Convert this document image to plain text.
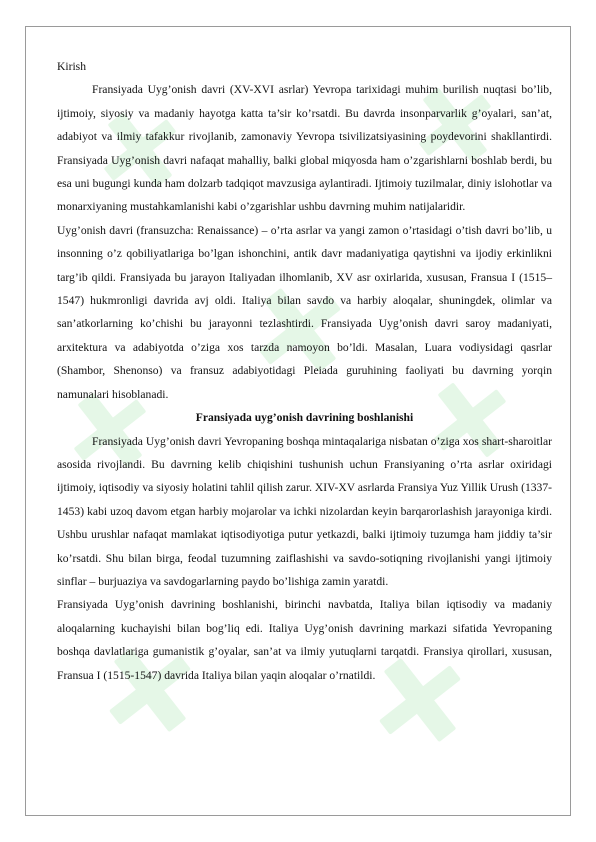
Kirish

Fransiyada Uyg’onish davri (XV-XVI asrlar) Yevropa tarixidagi muhim burilish nuqtasi bo’lib, ijtimoiy, siyosiy va madaniy hayotga katta ta’sir ko’rsatdi. Bu davrda insonparvarlik g’oyalari, san’at, adabiyot va ilmiy tafakkur rivojlanib, zamonaviy Yevropa tsivilizatsiyasining poydevorini shakllantirdi. Fransiyada Uyg’onish davri nafaqat mahalliy, balki global miqyosda ham o’zgarishlarni boshlab berdi, bu esa uni bugungi kunda ham dolzarb tadqiqot mavzusiga aylantiradi. Ijtimoiy tuzilmalar, diniy islohotlar va monarxiyaning mustahkamlanishi kabi o’zgarishlar ushbu davrning muhim natijalaridir.

Uyg’onish davri (fransuzcha: Renaissance) – o’rta asrlar va yangi zamon o’rtasidagi o’tish davri bo’lib, u insonning o’z qobiliyatlariga bo’lgan ishonchini, antik davr madaniyatiga qaytishni va ijodiy erkinlikni targ’ib qildi. Fransiyada bu jarayon Italiyadan ilhomlanib, XV asr oxirlarida, xususan, Fransua I (1515–1547) hukmronligi davrida avj oldi. Italiya bilan savdo va harbiy aloqalar, shuningdek, olimlar va san’atkorlarning ko’chishi bu jarayonni tezlashtirdi. Fransiyada Uyg’onish davri saroy madaniyati, arxitektura va adabiyotda o’ziga xos tarzda namoyon bo’ldi. Masalan, Luara vodiysidagi qasrlar (Shambor, Shenonso) va fransuz adabiyotidagi Pleiada guruhining faoliyati bu davrning yorqin namunalari hisoblanadi.

Fransiyada uyg’onish davrining boshlanishi

Fransiyada Uyg’onish davri Yevropaning boshqa mintaqalariga nisbatan o’ziga xos shart-sharoitlar asosida rivojlandi. Bu davrning kelib chiqishini tushunish uchun Fransiyaning o’rta asrlar oxiridagi ijtimoiy, iqtisodiy va siyosiy holatini tahlil qilish zarur. XIV-XV asrlarda Fransiya Yuz Yillik Urush (1337-1453) kabi uzoq davom etgan harbiy mojarolar va ichki nizolardan keyin barqarorlashish jarayoniga kirdi. Ushbu urushlar nafaqat mamlakat iqtisodiyotiga putur yetkazdi, balki ijtimoiy tuzumga ham jiddiy ta’sir ko’rsatdi. Shu bilan birga, feodal tuzumning zaiflashishi va savdo-sotiqning rivojlanishi yangi ijtimoiy sinflar – burjuaziya va savdogarlarning paydo bo’lishiga zamin yaratdi.

Fransiyada Uyg’onish davrining boshlanishi, birinchi navbatda, Italiya bilan iqtisodiy va madaniy aloqalarning kuchayishi bilan bog’liq edi. Italiya Uyg’onish davrining markazi sifatida Yevropaning boshqa davlatlariga gumanistik g’oyalar, san’at va ilmiy yutuqlarni tarqatdi. Fransiya qirollari, xususan, Fransua I (1515-1547) davrida Italiya bilan yaqin aloqalar o’rnatildi.
